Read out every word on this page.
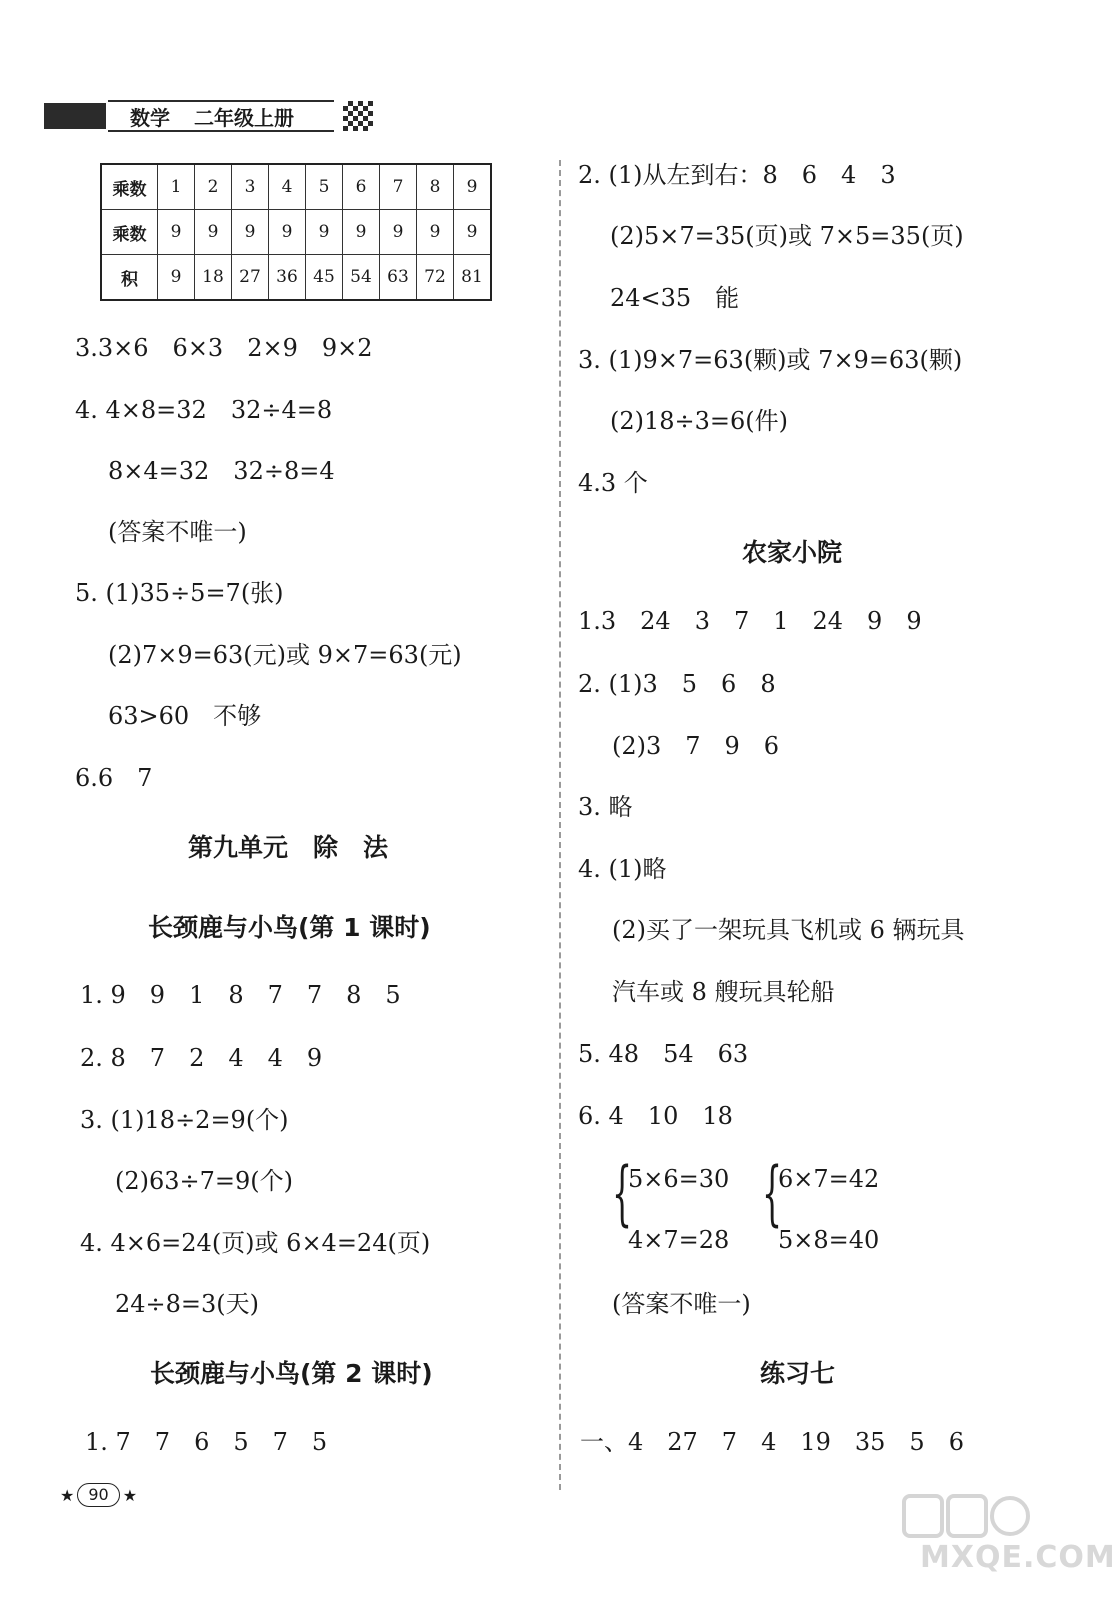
数学 二年级上册
乘数	1	2	3	4	5	6	7	8	9
乘数	9	9	9	9	9	9	9	9	9
积	9	18	27	36	45	54	63	72	81
3.3×6　6×3　2×9　9×2
4. 4×8=32　32÷4=8
8×4=32　32÷8=4
(答案不唯一)
5. (1)35÷5=7(张)
(2)7×9=63(元)或 9×7=63(元)
63>60　不够
6.6　7
第九单元　除　法
长颈鹿与小鸟(第 1 课时)
1. 9　9　1　8　7　7　8　5
2. 8　7　2　4　4　9
3. (1)18÷2=9(个)
(2)63÷7=9(个)
4. 4×6=24(页)或 6×4=24(页)
24÷8=3(天)
长颈鹿与小鸟(第 2 课时)
1. 7　7　6　5　7　5
2. (1)从左到右：8　6　4　3
(2)5×7=35(页)或 7×5=35(页)
24<35　能
3. (1)9×7=63(颗)或 7×9=63(颗)
(2)18÷3=6(件)
4.3 个
农家小院
1.3　24　3　7　1　24　9　9
2. (1)3　5　6　8
(2)3　7　9　6
3. 略
4. (1)略
(2)买了一架玩具飞机或 6 辆玩具
汽车或 8 艘玩具轮船
5. 48　54　63
6. 4　10　18
{
5×6=30
4×7=28
{
6×7=42
5×8=40
(答案不唯一)
练习七
一、4　27　7　4　19　35　5　6
★ 90 ★
MXQE.COM
